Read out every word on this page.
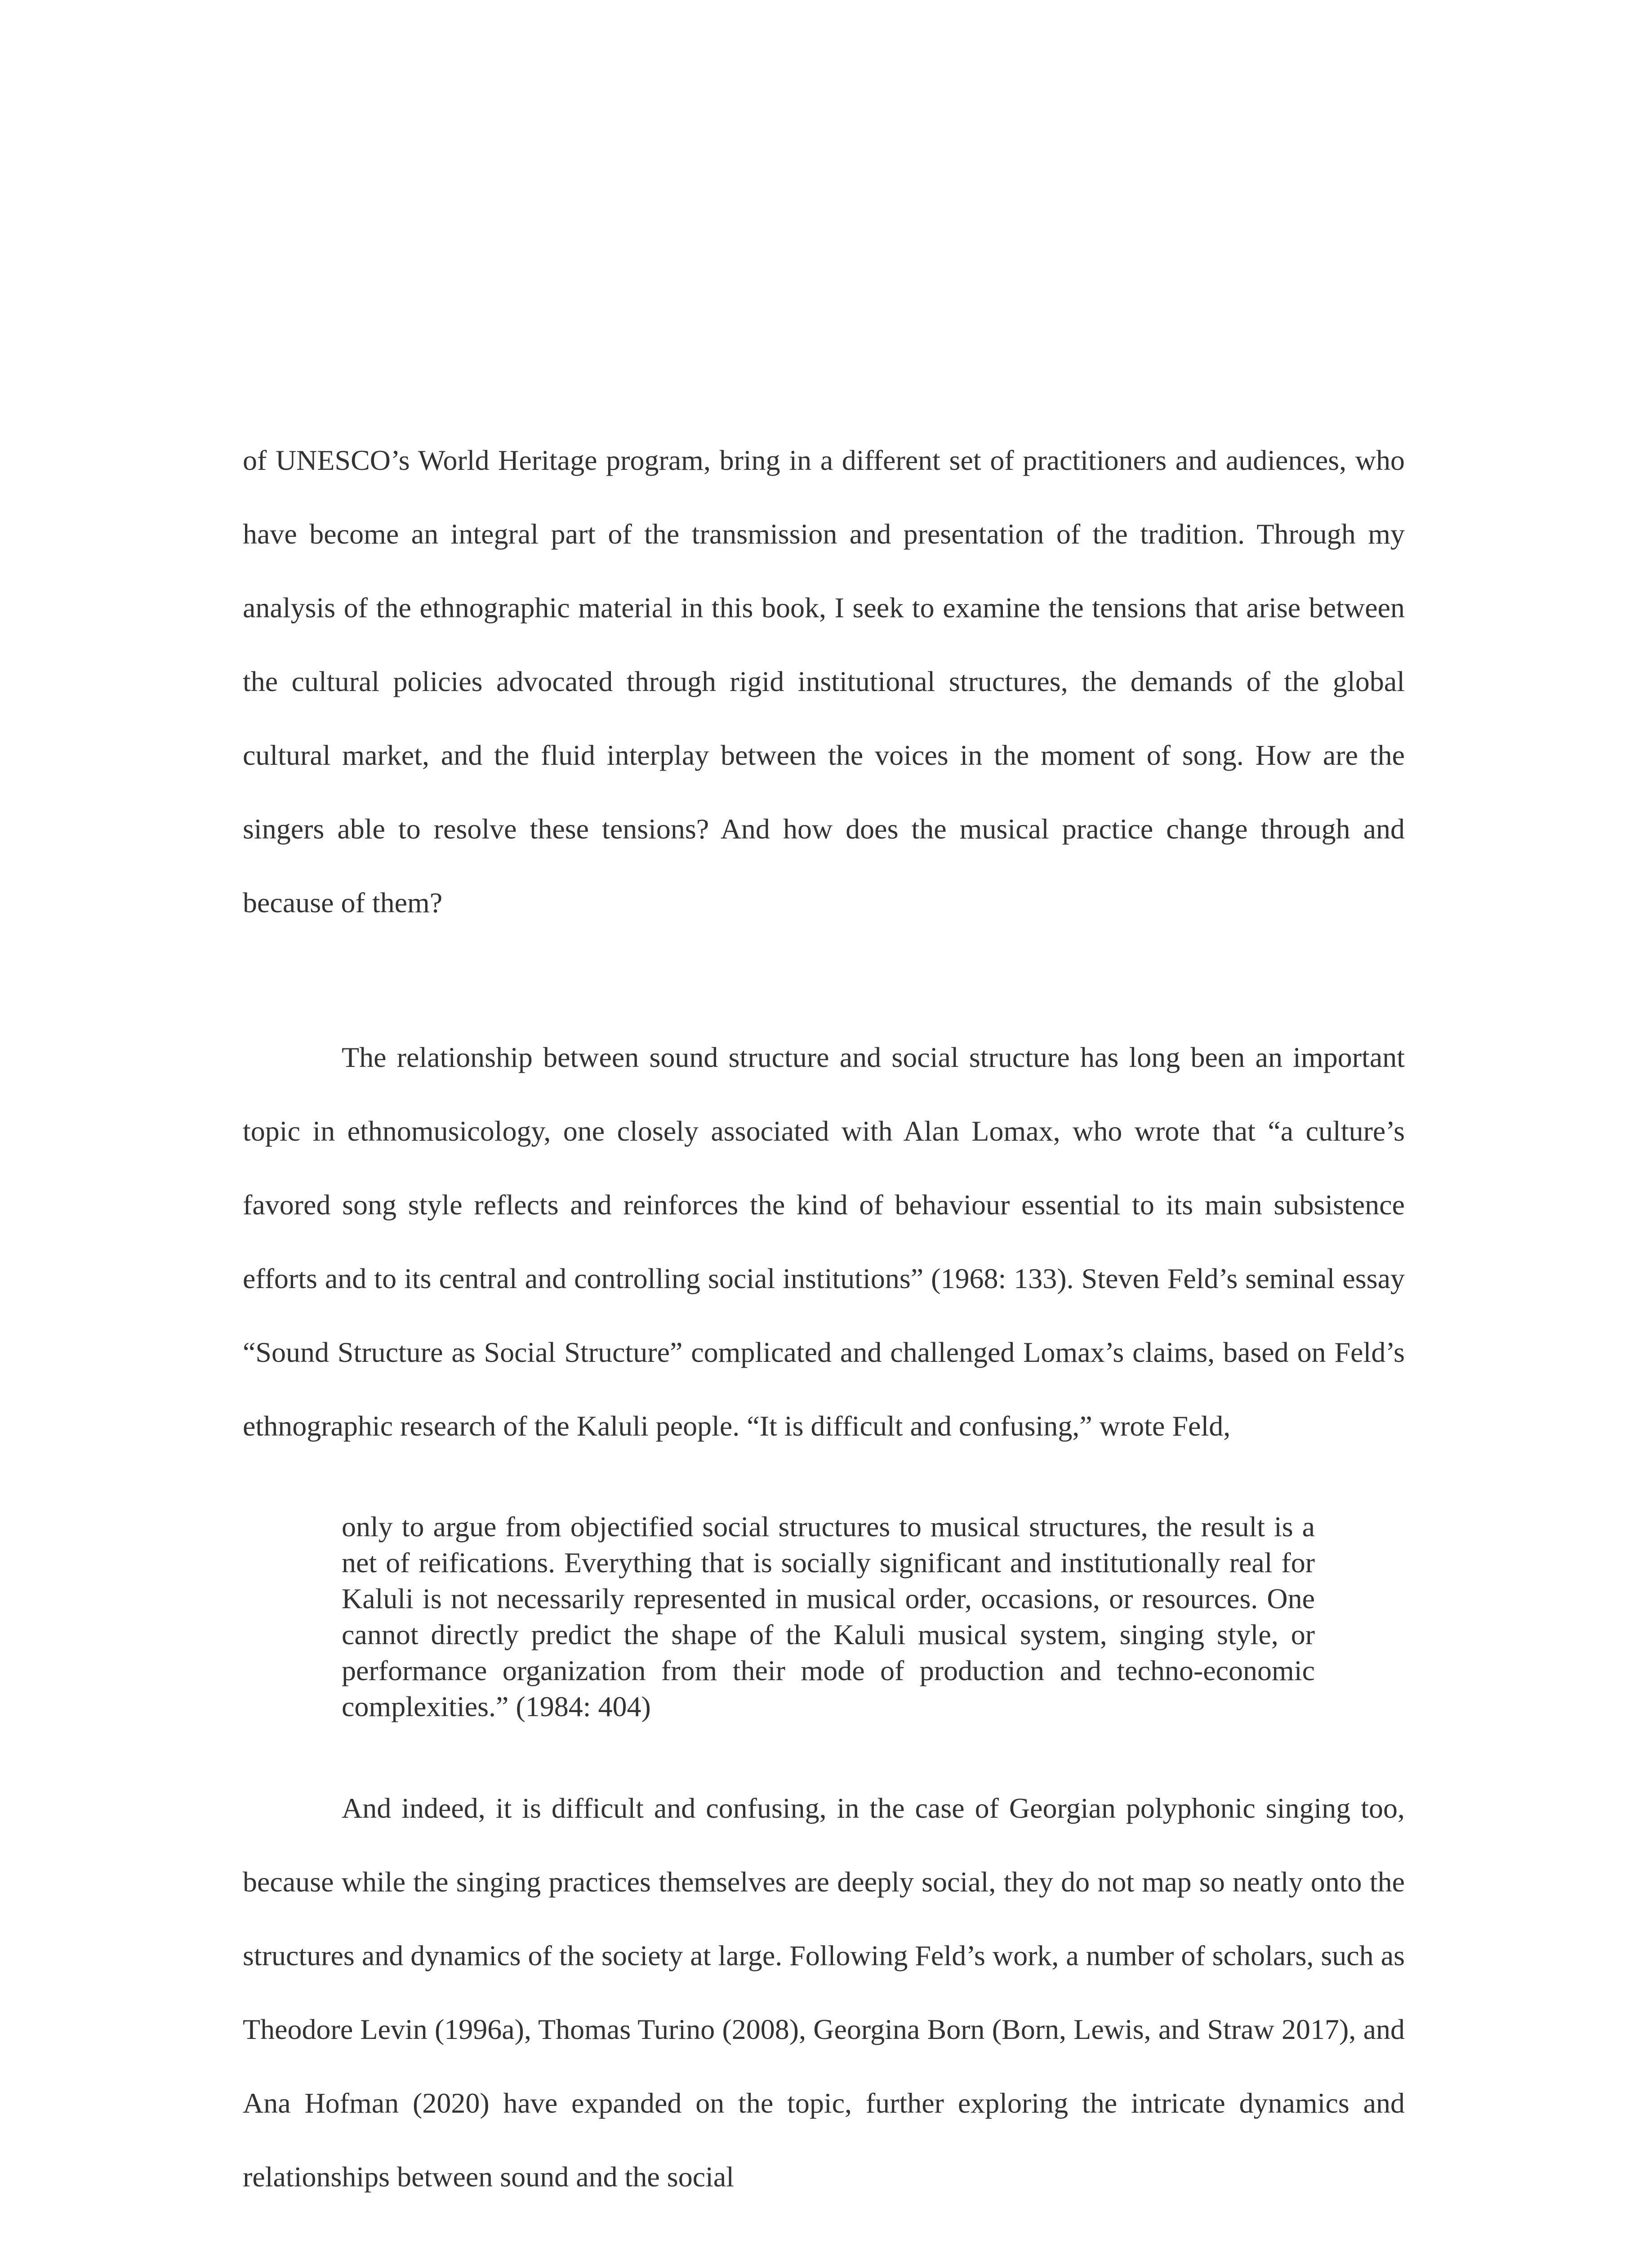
of UNESCO’s World Heritage program, bring in a different set of practitioners and audiences, who have become an integral part of the transmission and presentation of the tradition. Through my analysis of the ethnographic material in this book, I seek to examine the tensions that arise between the cultural policies advocated through rigid institutional structures, the demands of the global cultural market, and the fluid interplay between the voices in the moment of song. How are the singers able to resolve these tensions? And how does the musical practice change through and because of them?

The relationship between sound structure and social structure has long been an important topic in ethnomusicology, one closely associated with Alan Lomax, who wrote that “a culture’s favored song style reflects and reinforces the kind of behaviour essential to its main subsistence efforts and to its central and controlling social institutions” (1968: 133). Steven Feld’s seminal essay “Sound Structure as Social Structure” complicated and challenged Lomax’s claims, based on Feld’s ethnographic research of the Kaluli people. “It is difficult and confusing,” wrote Feld,

only to argue from objectified social structures to musical structures, the result is a net of reifications. Everything that is socially significant and institutionally real for Kaluli is not necessarily represented in musical order, occasions, or resources. One cannot directly predict the shape of the Kaluli musical system, singing style, or performance organization from their mode of production and techno-economic complexities.” (1984: 404)

And indeed, it is difficult and confusing, in the case of Georgian polyphonic singing too, because while the singing practices themselves are deeply social, they do not map so neatly onto the structures and dynamics of the society at large. Following Feld’s work, a number of scholars, such as Theodore Levin (1996a), Thomas Turino (2008), Georgina Born (Born, Lewis, and Straw 2017), and Ana Hofman (2020) have expanded on the topic, further exploring the intricate dynamics and relationships between sound and the social
